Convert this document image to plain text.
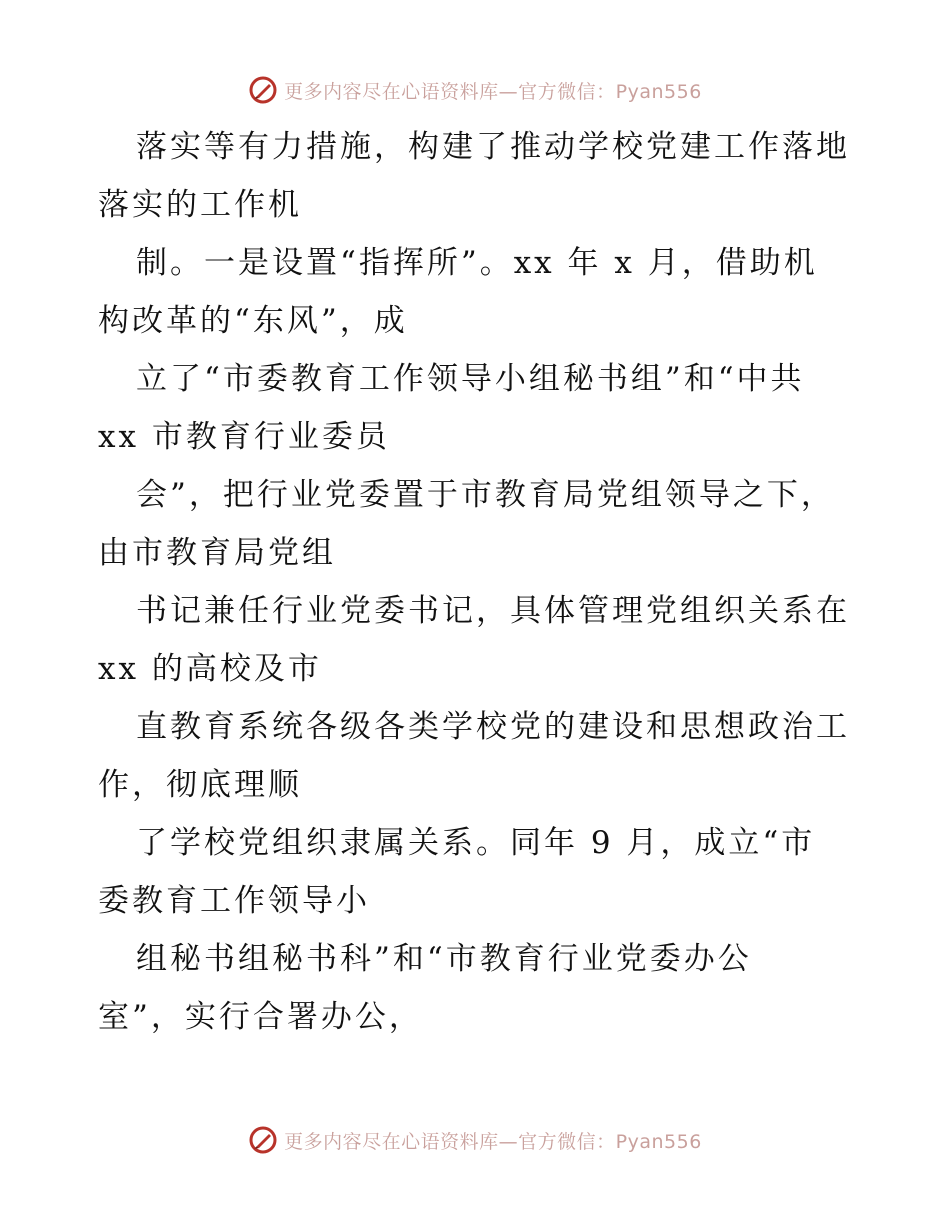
更多内容尽在心语资料库—官方微信：Pyan556
落实等有力措施，构建了推动学校党建工作落地
落实的工作机
制。一是设置“指挥所”。xx 年 x 月，借助机
构改革的“东风”，成
立了“市委教育工作领导小组秘书组”和“中共
xx 市教育行业委员
会”，把行业党委置于市教育局党组领导之下，
由市教育局党组
书记兼任行业党委书记，具体管理党组织关系在
xx 的高校及市
直教育系统各级各类学校党的建设和思想政治工
作，彻底理顺
了学校党组织隶属关系。同年 9 月，成立“市
委教育工作领导小
组秘书组秘书科”和“市教育行业党委办公
室”，实行合署办公，
更多内容尽在心语资料库—官方微信：Pyan556
